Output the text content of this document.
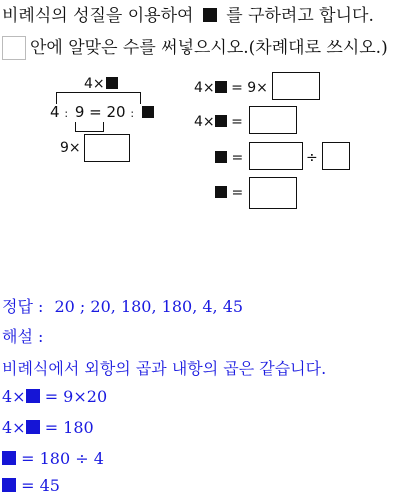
비례식의 성질을 이용하여 를 구하려고 합니다.
안에 알맞은 수를 써넣으시오.(차례대로 쓰시오.)
4×
4 : 9 = 20 :
9×
4× = 9×
4× =
=	÷
=
정답 : 20 ; 20, 180, 180, 4, 45
해설 :
비례식에서 외항의 곱과 내항의 곱은 같습니다.
4× = 9×20
4× = 180
= 180 ÷ 4
= 45
